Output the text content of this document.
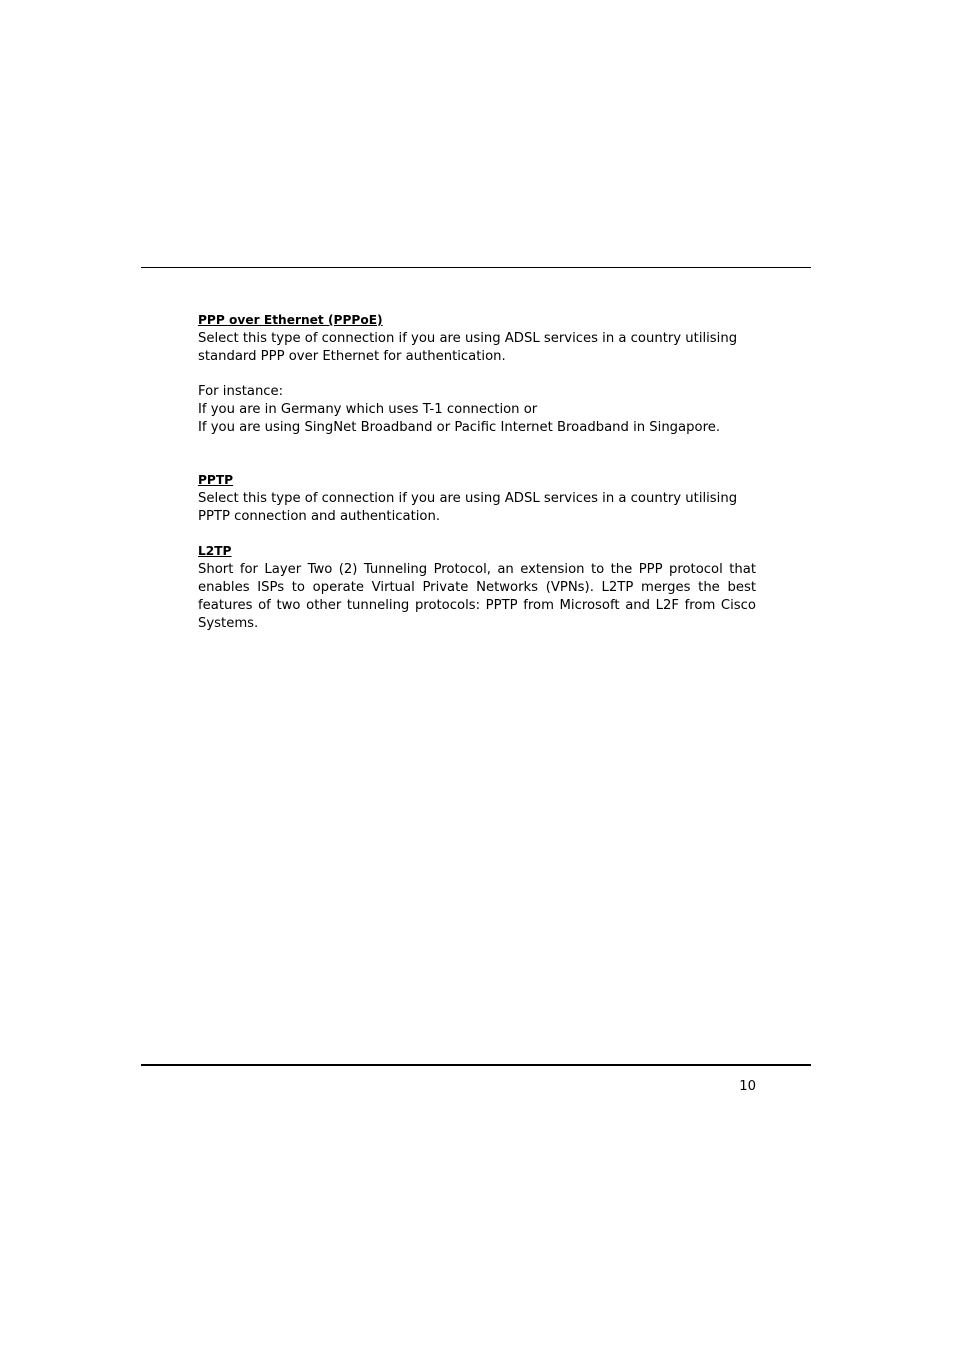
PPP over Ethernet (PPPoE)

Select this type of connection if you are using ADSL services in a country utilising
standard PPP over Ethernet for authentication.

For instance:
If you are in Germany which uses T-1 connection or
If you are using SingNet Broadband or Pacific Internet Broadband in Singapore.

PPTP

Select this type of connection if you are using ADSL services in a country utilising
PPTP connection and authentication.

L2TP

Short for Layer Two (2) Tunneling Protocol, an extension to the PPP protocol that enables ISPs to operate Virtual Private Networks (VPNs). L2TP merges the best features of two other tunneling protocols: PPTP from Microsoft and L2F from Cisco Systems.

10
